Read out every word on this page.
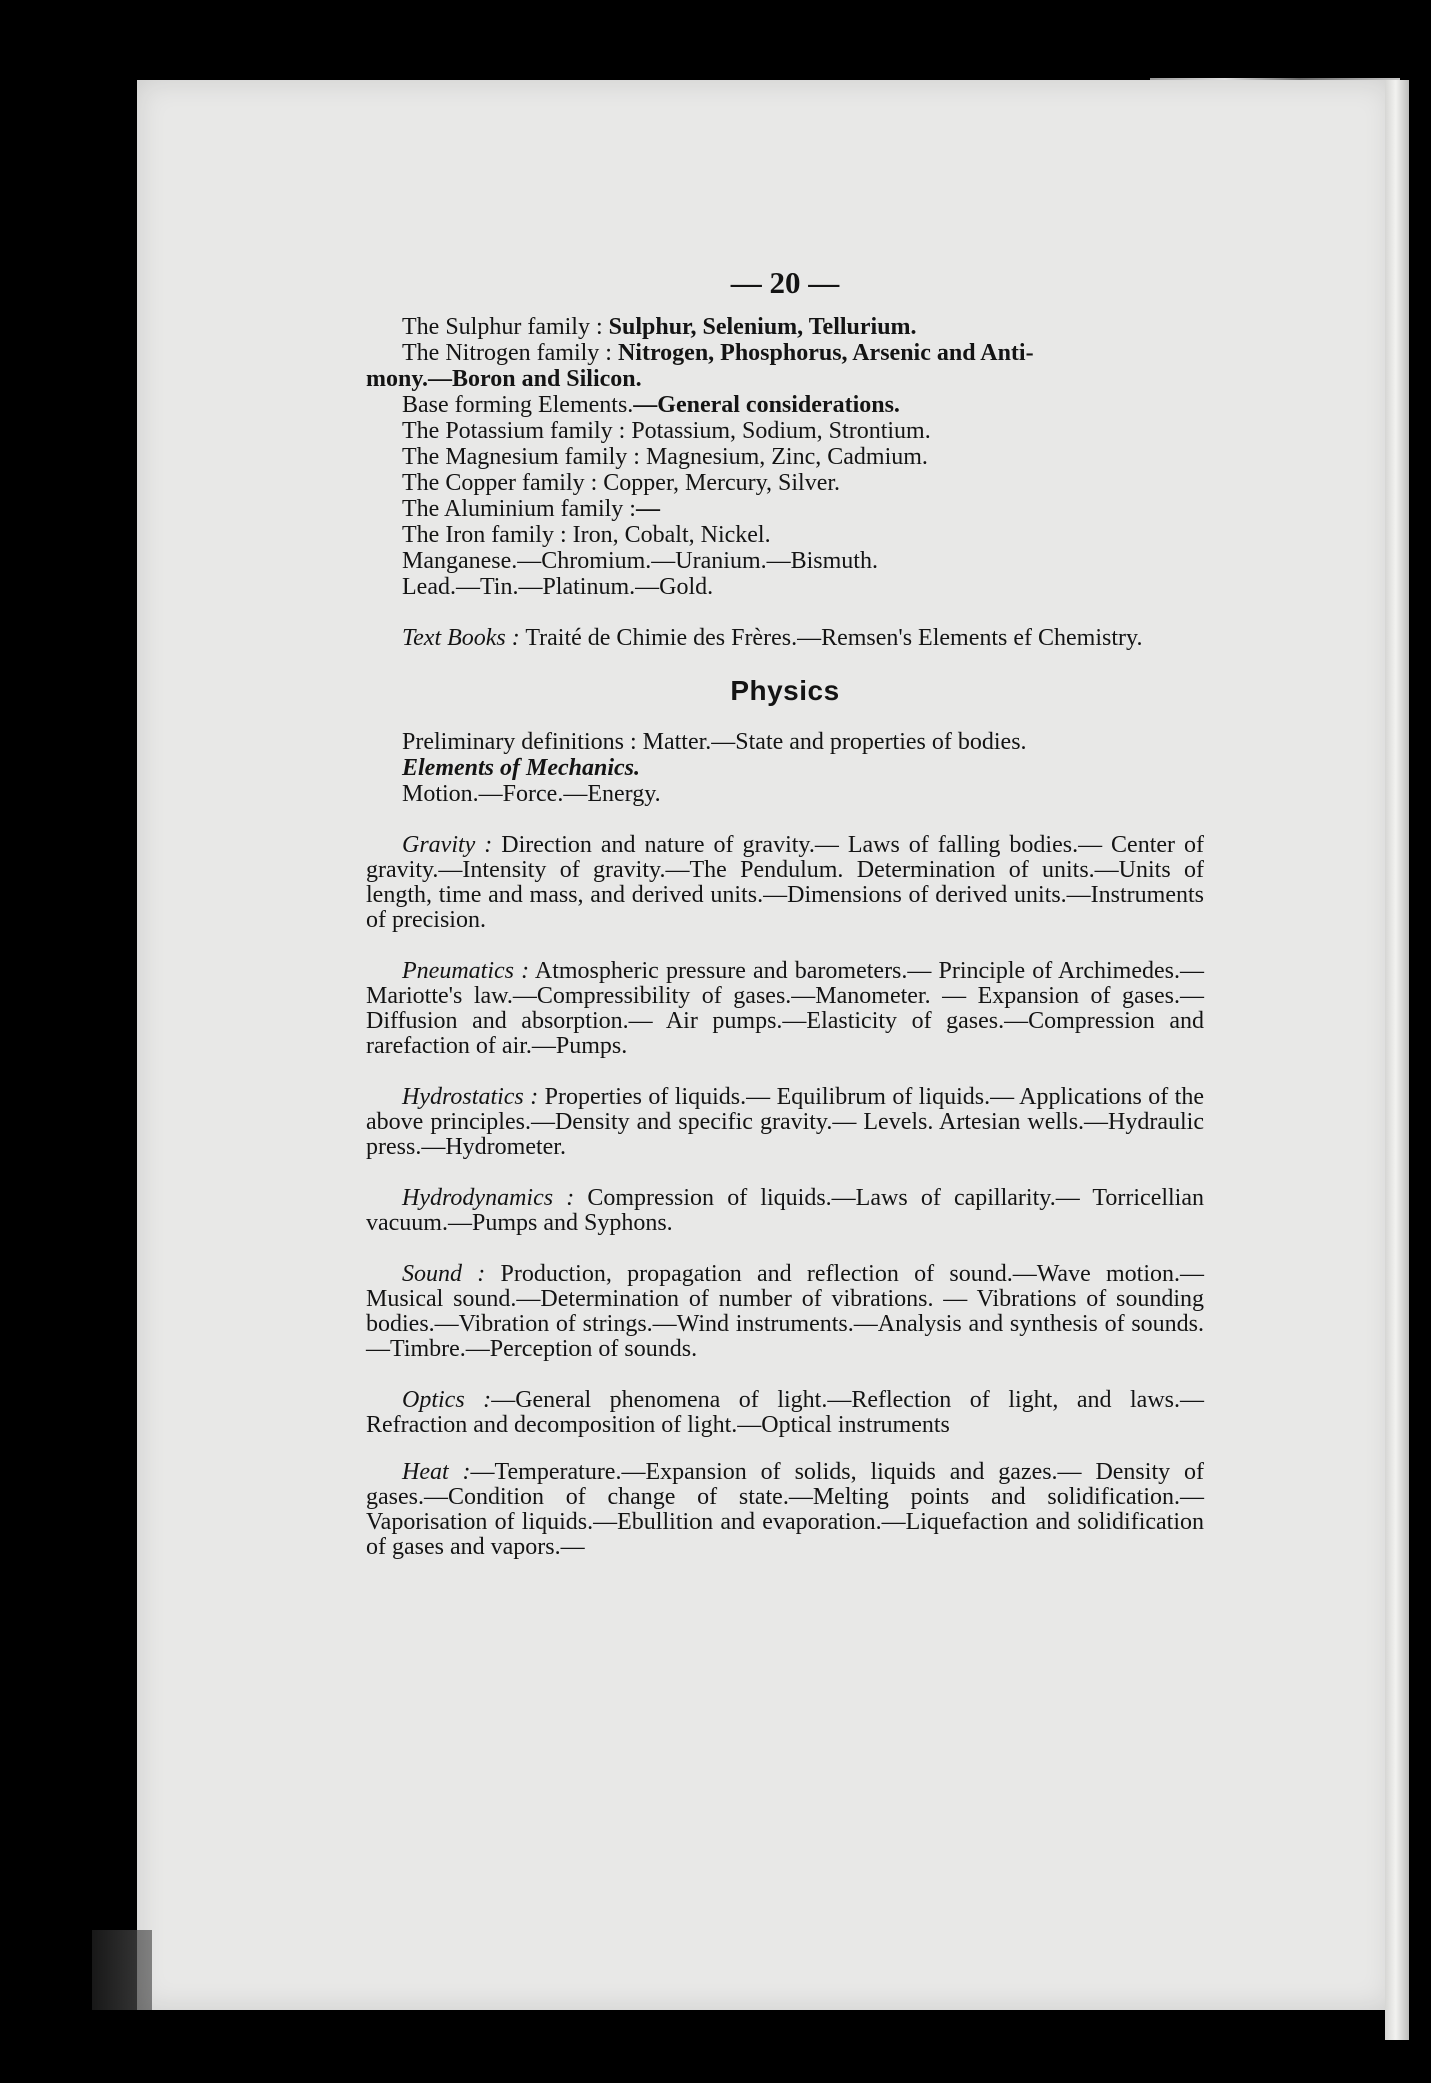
— 20 —

The Sulphur family : Sulphur, Selenium, Tellurium.

The Nitrogen family : Nitrogen, Phosphorus, Arsenic and Anti-

mony.—Boron and Silicon.

Base forming Elements.—General considerations.

The Potassium family : Potassium, Sodium, Strontium.

The Magnesium family : Magnesium, Zinc, Cadmium.

The Copper family : Copper, Mercury, Silver.

The Aluminium family :—

The Iron family : Iron, Cobalt, Nickel.

Manganese.—Chromium.—Uranium.—Bismuth.

Lead.—Tin.—Platinum.—Gold.

Text Books : Traité de Chimie des Frères.—Remsen's Elements ef Chemistry.

Physics

Preliminary definitions : Matter.—State and properties of bodies.

Elements of Mechanics.

Motion.—Force.—Energy.

Gravity : Direction and nature of gravity.— Laws of falling bodies.— Center of gravity.—Intensity of gravity.—The Pendulum. Determination of units.—Units of length, time and mass, and derived units.—Dimensions of derived units.—Instruments of precision.

Pneumatics : Atmospheric pressure and barometers.— Principle of Archimedes.—Mariotte's law.—Compressibility of gases.—Manometer. — Expansion of gases.— Diffusion and absorption.— Air pumps.—Elasticity of gases.—Compression and rarefaction of air.—Pumps.

Hydrostatics : Properties of liquids.— Equilibrum of liquids.— Applications of the above principles.—Density and specific gravity.— Levels. Artesian wells.—Hydraulic press.—Hydrometer.

Hydrodynamics : Compression of liquids.—Laws of capillarity.— Torricellian vacuum.—Pumps and Syphons.

Sound : Production, propagation and reflection of sound.—Wave motion.—Musical sound.—Determination of number of vibrations. — Vibrations of sounding bodies.—Vibration of strings.—Wind instruments.—Analysis and synthesis of sounds.—Timbre.—Perception of sounds.

Optics :—General phenomena of light.—Reflection of light, and laws.—Refraction and decomposition of light.—Optical instruments

Heat :—Temperature.—Expansion of solids, liquids and gazes.— Density of gases.—Condition of change of state.—Melting points and solidification.—Vaporisation of liquids.—Ebullition and evaporation.—Liquefaction and solidification of gases and vapors.—
